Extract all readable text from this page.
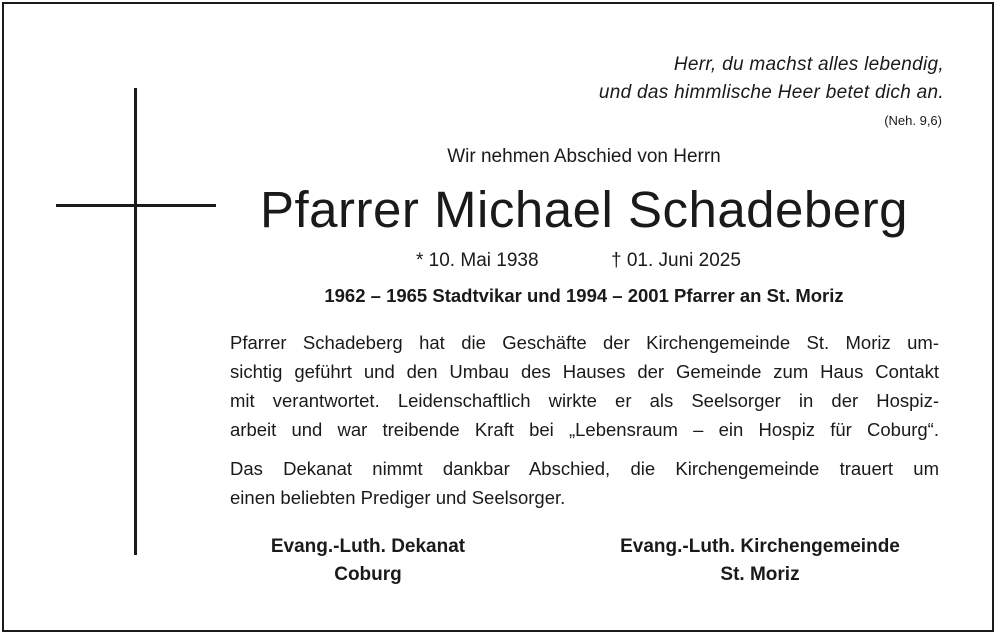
Herr, du machst alles lebendig,
und das himmlische Heer betet dich an.
(Neh. 9,6)
Wir nehmen Abschied von Herrn
Pfarrer Michael Schadeberg
* 10. Mai 1938	† 01. Juni 2025
1962 – 1965 Stadtvikar und 1994 – 2001 Pfarrer an St. Moriz
Pfarrer Schadeberg hat die Geschäfte der Kirchengemeinde St. Moriz um-
sichtig geführt und den Umbau des Hauses der Gemeinde zum Haus Contakt
mit verantwortet. Leidenschaftlich wirkte er als Seelsorger in der Hospiz-
arbeit und war treibende Kraft bei „Lebensraum – ein Hospiz für Coburg“.
Das Dekanat nimmt dankbar Abschied, die Kirchengemeinde trauert um
einen beliebten Prediger und Seelsorger.
Evang.-Luth. Dekanat
Coburg
Evang.-Luth. Kirchengemeinde
St. Moriz
